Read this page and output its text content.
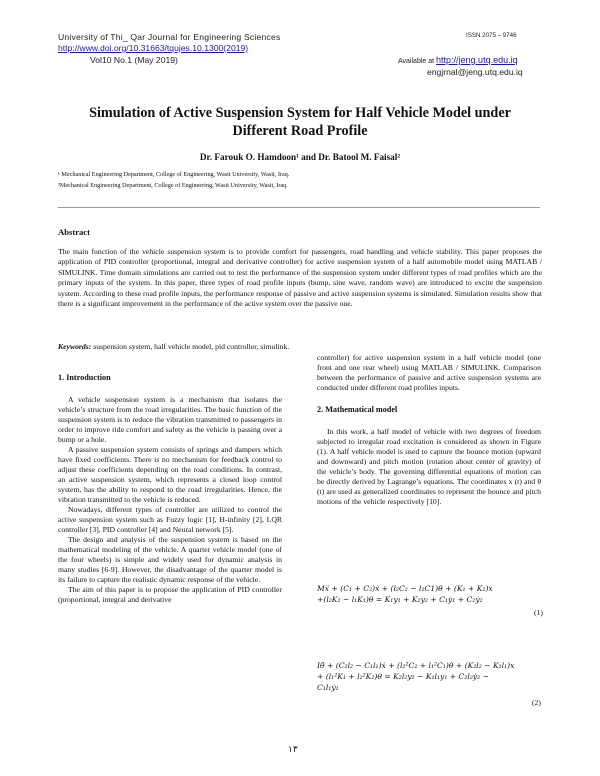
University of Thi_ Qar Journal for Engineering Sciences
http://www.doi.org/10.31663/tqujes.10.1300(2019)
Vol10 No.1 (May 2019)
ISSN 2075 – 9746
Available at http://jeng.utq.edu.iq
engjrnal@jeng.utq.edu.iq
Simulation of Active Suspension System for Half Vehicle Model under Different Road Profile
Dr. Farouk O. Hamdoon¹ and Dr. Batool M. Faisal²
¹ Mechanical Engineering Department, College of Engineering, Wasit University, Wasit, Iraq.
²Mechanical Engineering Department, College of Engineering, Wasit University, Wasit, Iraq.
Abstract
The main function of the vehicle suspension system is to provide comfort for passengers, road handling and vehicle stability. This paper proposes the application of PID controller (proportional, integral and derivative controller) for active suspension system of a half automobile model using MATLAB / SIMULINK. Time domain simulations are carried out to test the performance of the suspension system under different types of road profiles which are the primary inputs of the system. In this paper, three types of road profile inputs (bump, sine wave, random wave) are introduced to excite the suspension system. According to these road profile inputs, the performance response of passive and active suspension systems is simulated. Simulation results show that there is a significant improvement in the performance of the active system over the passive one.
Keywords: suspension system, half vehicle model, pid controller, simulink.
1. Introduction

A vehicle suspension system is a mechanism that isolates the vehicle’s structure from the road irregularities. The basic function of the suspension system is to reduce the vibration transmitted to passengers in order to improve ride comfort and safety as the vehicle is passing over a bump or a hole.

A passive suspension system consists of springs and dampers which have fixed coefficients. There is no mechanism for feedback control to adjust these coefficients depending on the road conditions. In contrast, an active suspension system, which represents a closed loop control system, has the ability to respond to the road irregularities. Hence, the vibration transmitted to the vehicle is reduced.

Nowadays, different types of controller are utilized to control the active suspension system such as Fuzzy logic [1], H-infinity [2], LQR controller [3], PID controller [4] and Neural network [5].

The design and analysis of the suspension system is based on the mathematical modeling of the vehicle. A quarter vehicle model (one of the four wheels) is simple and widely used for dynamic analysis in many studies [6-9]. However, the disadvantage of the quarter model is its failure to capture the realistic dynamic response of the vehicle.

The aim of this paper is to propose the application of PID controller (proportional, integral and derivative

controller) for active suspension system in a half vehicle model (one front and one rear wheel) using MATLAB / SIMULINK. Comparison between the performance of passive and active suspension systems are conducted under different road profiles inputs.

2. Mathematical model

In this work, a half model of vehicle with two degrees of freedom subjected to irregular road excitation is considered as shown in Figure (1). A half vehicle model is used to capture the bounce motion (upward and downward) and pitch motion (rotation about center of gravity) of the vehicle’s body. The governing differential equations of motion can be directly derived by Lagrange’s equations. The coordinates x (t) and θ (t) are used as generalized coordinates to represent the bounce and pitch motions of the vehicle respectively [10].

Mẍ + (C₁ + C₂)ẋ + (l₂C₂ − l₁C1)θ̇ + (K₁ + K₂)x
+(l₂K₂ − l₁K₁)θ = K₁y₁ + K₂y₂ + C₁ẏ₁ + C₂ẏ₂
(1)
Iθ̈ + (C₂l₂ − C₁l₁)ẋ + (l₂²C₂ + l₁²C₁)θ̇ + (K₂l₂ − K₁l₁)x
+ (l₁²K₁ + l₂²K₂)θ = K₂l₂y₂ − K₁l₁y₁ + C₂l₂ẏ₂ −
C₁l₁ẏ₁
(2)
١٣
